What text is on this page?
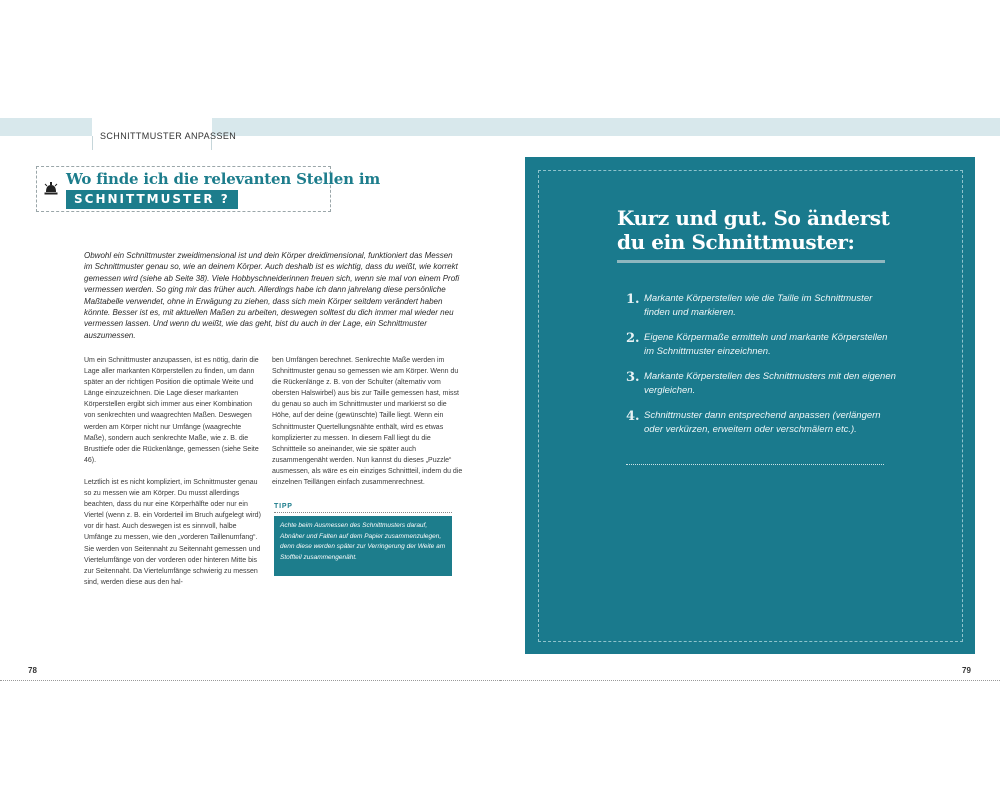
SCHNITTMUSTER ANPASSEN
Wo finde ich die relevanten Stellen im
SCHNITTMUSTER ?
Obwohl ein Schnittmuster zweidimensional ist und dein Körper dreidimensional, funktioniert das Messen im Schnittmuster genau so, wie an deinem Körper. Auch deshalb ist es wichtig, dass du weißt, wie korrekt gemessen wird (siehe ab Seite 38). Viele Hobbyschneiderinnen freuen sich, wenn sie mal von einem Profi vermessen werden. So ging mir das früher auch. Allerdings habe ich dann jahrelang diese persönliche Maßtabelle verwendet, ohne in Erwägung zu ziehen, dass sich mein Körper seitdem verändert haben könnte. Besser ist es, mit aktuellen Maßen zu arbeiten, deswegen solltest du dich immer mal wieder neu vermessen lassen. Und wenn du weißt, wie das geht, bist du auch in der Lage, ein Schnittmuster auszumessen.

Um ein Schnittmuster anzupassen, ist es nötig, darin die Lage aller markanten Körperstellen zu finden, um dann später an der richtigen Position die optimale Weite und Länge einzuzeichnen. Die Lage dieser markanten Körperstellen ergibt sich immer aus einer Kombination von senkrechten und waagrechten Maßen. Deswegen werden am Körper nicht nur Umfänge (waagrechte Maße), sondern auch senkrechte Maße, wie z. B. die Brusttiefe oder die Rückenlänge, gemessen (siehe Seite 46).

Letztlich ist es nicht kompliziert, im Schnittmuster genau so zu messen wie am Körper. Du musst allerdings beachten, dass du nur eine Körperhälfte oder nur ein Viertel (wenn z. B. ein Vorderteil im Bruch aufgelegt wird) vor dir hast. Auch deswegen ist es sinnvoll, halbe Umfänge zu messen, wie den „vorderen Taillenumfang“. Sie werden von Seitennaht zu Seitennaht gemessen und Viertelumfänge von der vorderen oder hinteren Mitte bis zur Seitennaht. Da Viertelumfänge schwierig zu messen sind, werden diese aus den hal-

ben Umfängen berechnet. Senkrechte Maße werden im Schnittmuster genau so gemessen wie am Körper. Wenn du die Rückenlänge z. B. von der Schulter (alternativ vom obersten Halswirbel) aus bis zur Taille gemessen hast, misst du genau so auch im Schnittmuster und markierst so die Höhe, auf der deine (gewünschte) Taille liegt. Wenn ein Schnittmuster Quertellungsnähte enthält, wird es etwas komplizierter zu messen. In diesem Fall liegt du die Schnittteile so aneinander, wie sie später auch zusammengenäht werden. Nun kannst du dieses „Puzzle“ ausmessen, als wäre es ein einziges Schnittteil, indem du die einzelnen Teillängen einfach zusammenrechnest.

TIPP
Achte beim Ausmessen des Schnittmusters darauf, Abnäher und Falten auf dem Papier zusammenzulegen, denn diese werden später zur Verringerung der Weite am Stoffteil zusammengenäht.
78	79
Kurz und gut. So änderst du ein Schnittmuster:
1. Markante Körperstellen wie die Taille im Schnittmuster finden und markieren.
2. Eigene Körpermaße ermitteln und markante Körperstellen im Schnittmuster einzeichnen.
3. Markante Körperstellen des Schnittmusters mit den eigenen vergleichen.
4. Schnittmuster dann entsprechend anpassen (verlängern oder verkürzen, erweitern oder verschmälern etc.).
